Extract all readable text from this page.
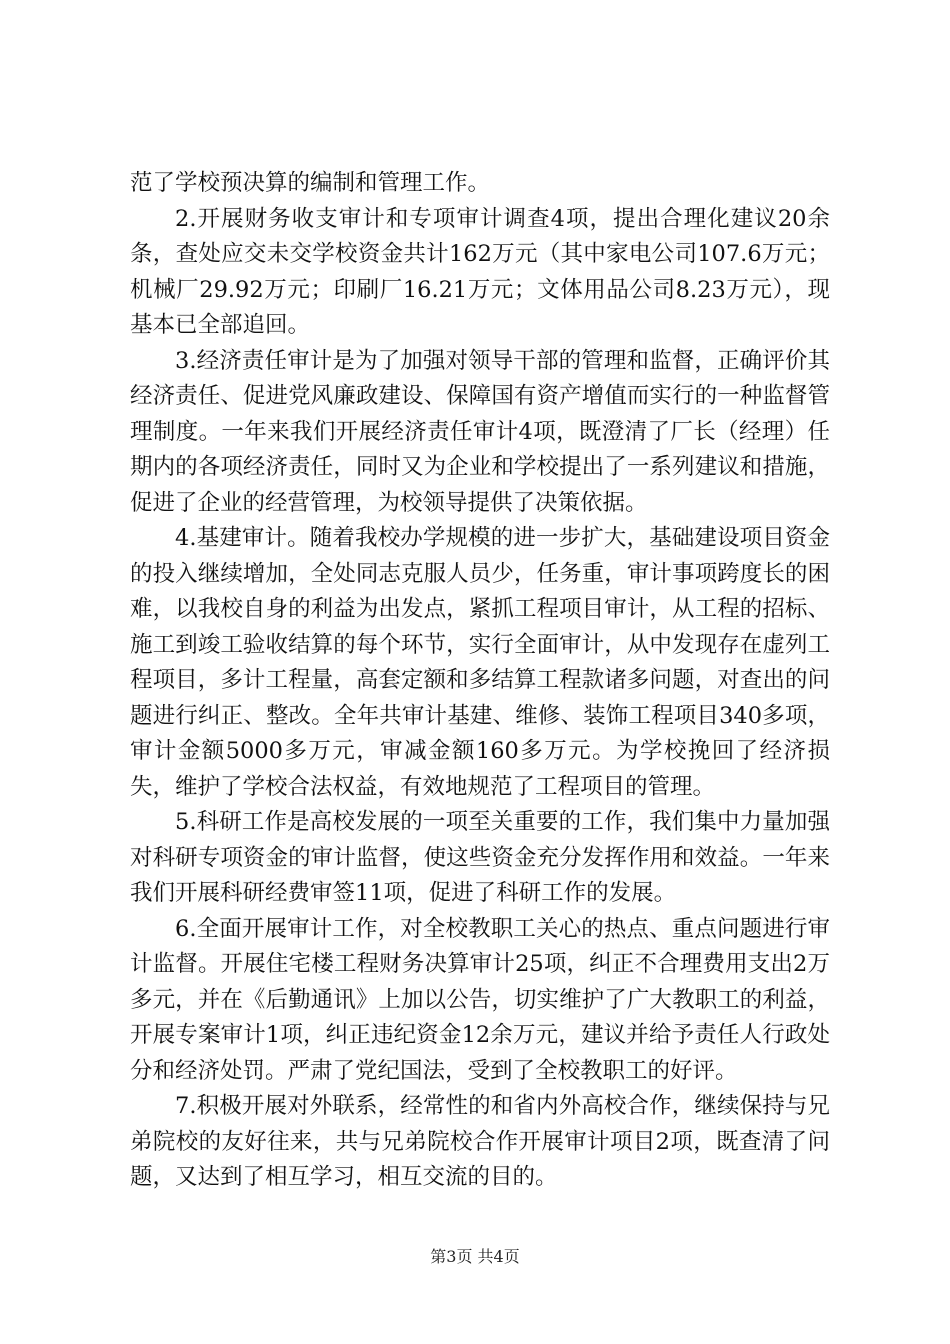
范了学校预决算的编制和管理工作。

2.开展财务收支审计和专项审计调查4项，提出合理化建议20余条，查处应交未交学校资金共计162万元（其中家电公司107.6万元；机械厂29.92万元；印刷厂16.21万元；文体用品公司8.23万元），现基本已全部追回。

3.经济责任审计是为了加强对领导干部的管理和监督，正确评价其经济责任、促进党风廉政建设、保障国有资产增值而实行的一种监督管理制度。一年来我们开展经济责任审计4项，既澄清了厂长（经理）任期内的各项经济责任，同时又为企业和学校提出了一系列建议和措施，促进了企业的经营管理，为校领导提供了决策依据。

4.基建审计。随着我校办学规模的进一步扩大，基础建设项目资金的投入继续增加，全处同志克服人员少，任务重，审计事项跨度长的困难，以我校自身的利益为出发点，紧抓工程项目审计，从工程的招标、施工到竣工验收结算的每个环节，实行全面审计，从中发现存在虚列工程项目，多计工程量，高套定额和多结算工程款诸多问题，对查出的问题进行纠正、整改。全年共审计基建、维修、装饰工程项目340多项，审计金额5000多万元，审减金额160多万元。为学校挽回了经济损失，维护了学校合法权益，有效地规范了工程项目的管理。

5.科研工作是高校发展的一项至关重要的工作，我们集中力量加强对科研专项资金的审计监督，使这些资金充分发挥作用和效益。一年来我们开展科研经费审签11项，促进了科研工作的发展。

6.全面开展审计工作，对全校教职工关心的热点、重点问题进行审计监督。开展住宅楼工程财务决算审计25项，纠正不合理费用支出2万多元，并在《后勤通讯》上加以公告，切实维护了广大教职工的利益，开展专案审计1项，纠正违纪资金12余万元，建议并给予责任人行政处分和经济处罚。严肃了党纪国法，受到了全校教职工的好评。

7.积极开展对外联系，经常性的和省内外高校合作，继续保持与兄弟院校的友好往来，共与兄弟院校合作开展审计项目2项，既查清了问题，又达到了相互学习，相互交流的目的。

第3页 共4页
